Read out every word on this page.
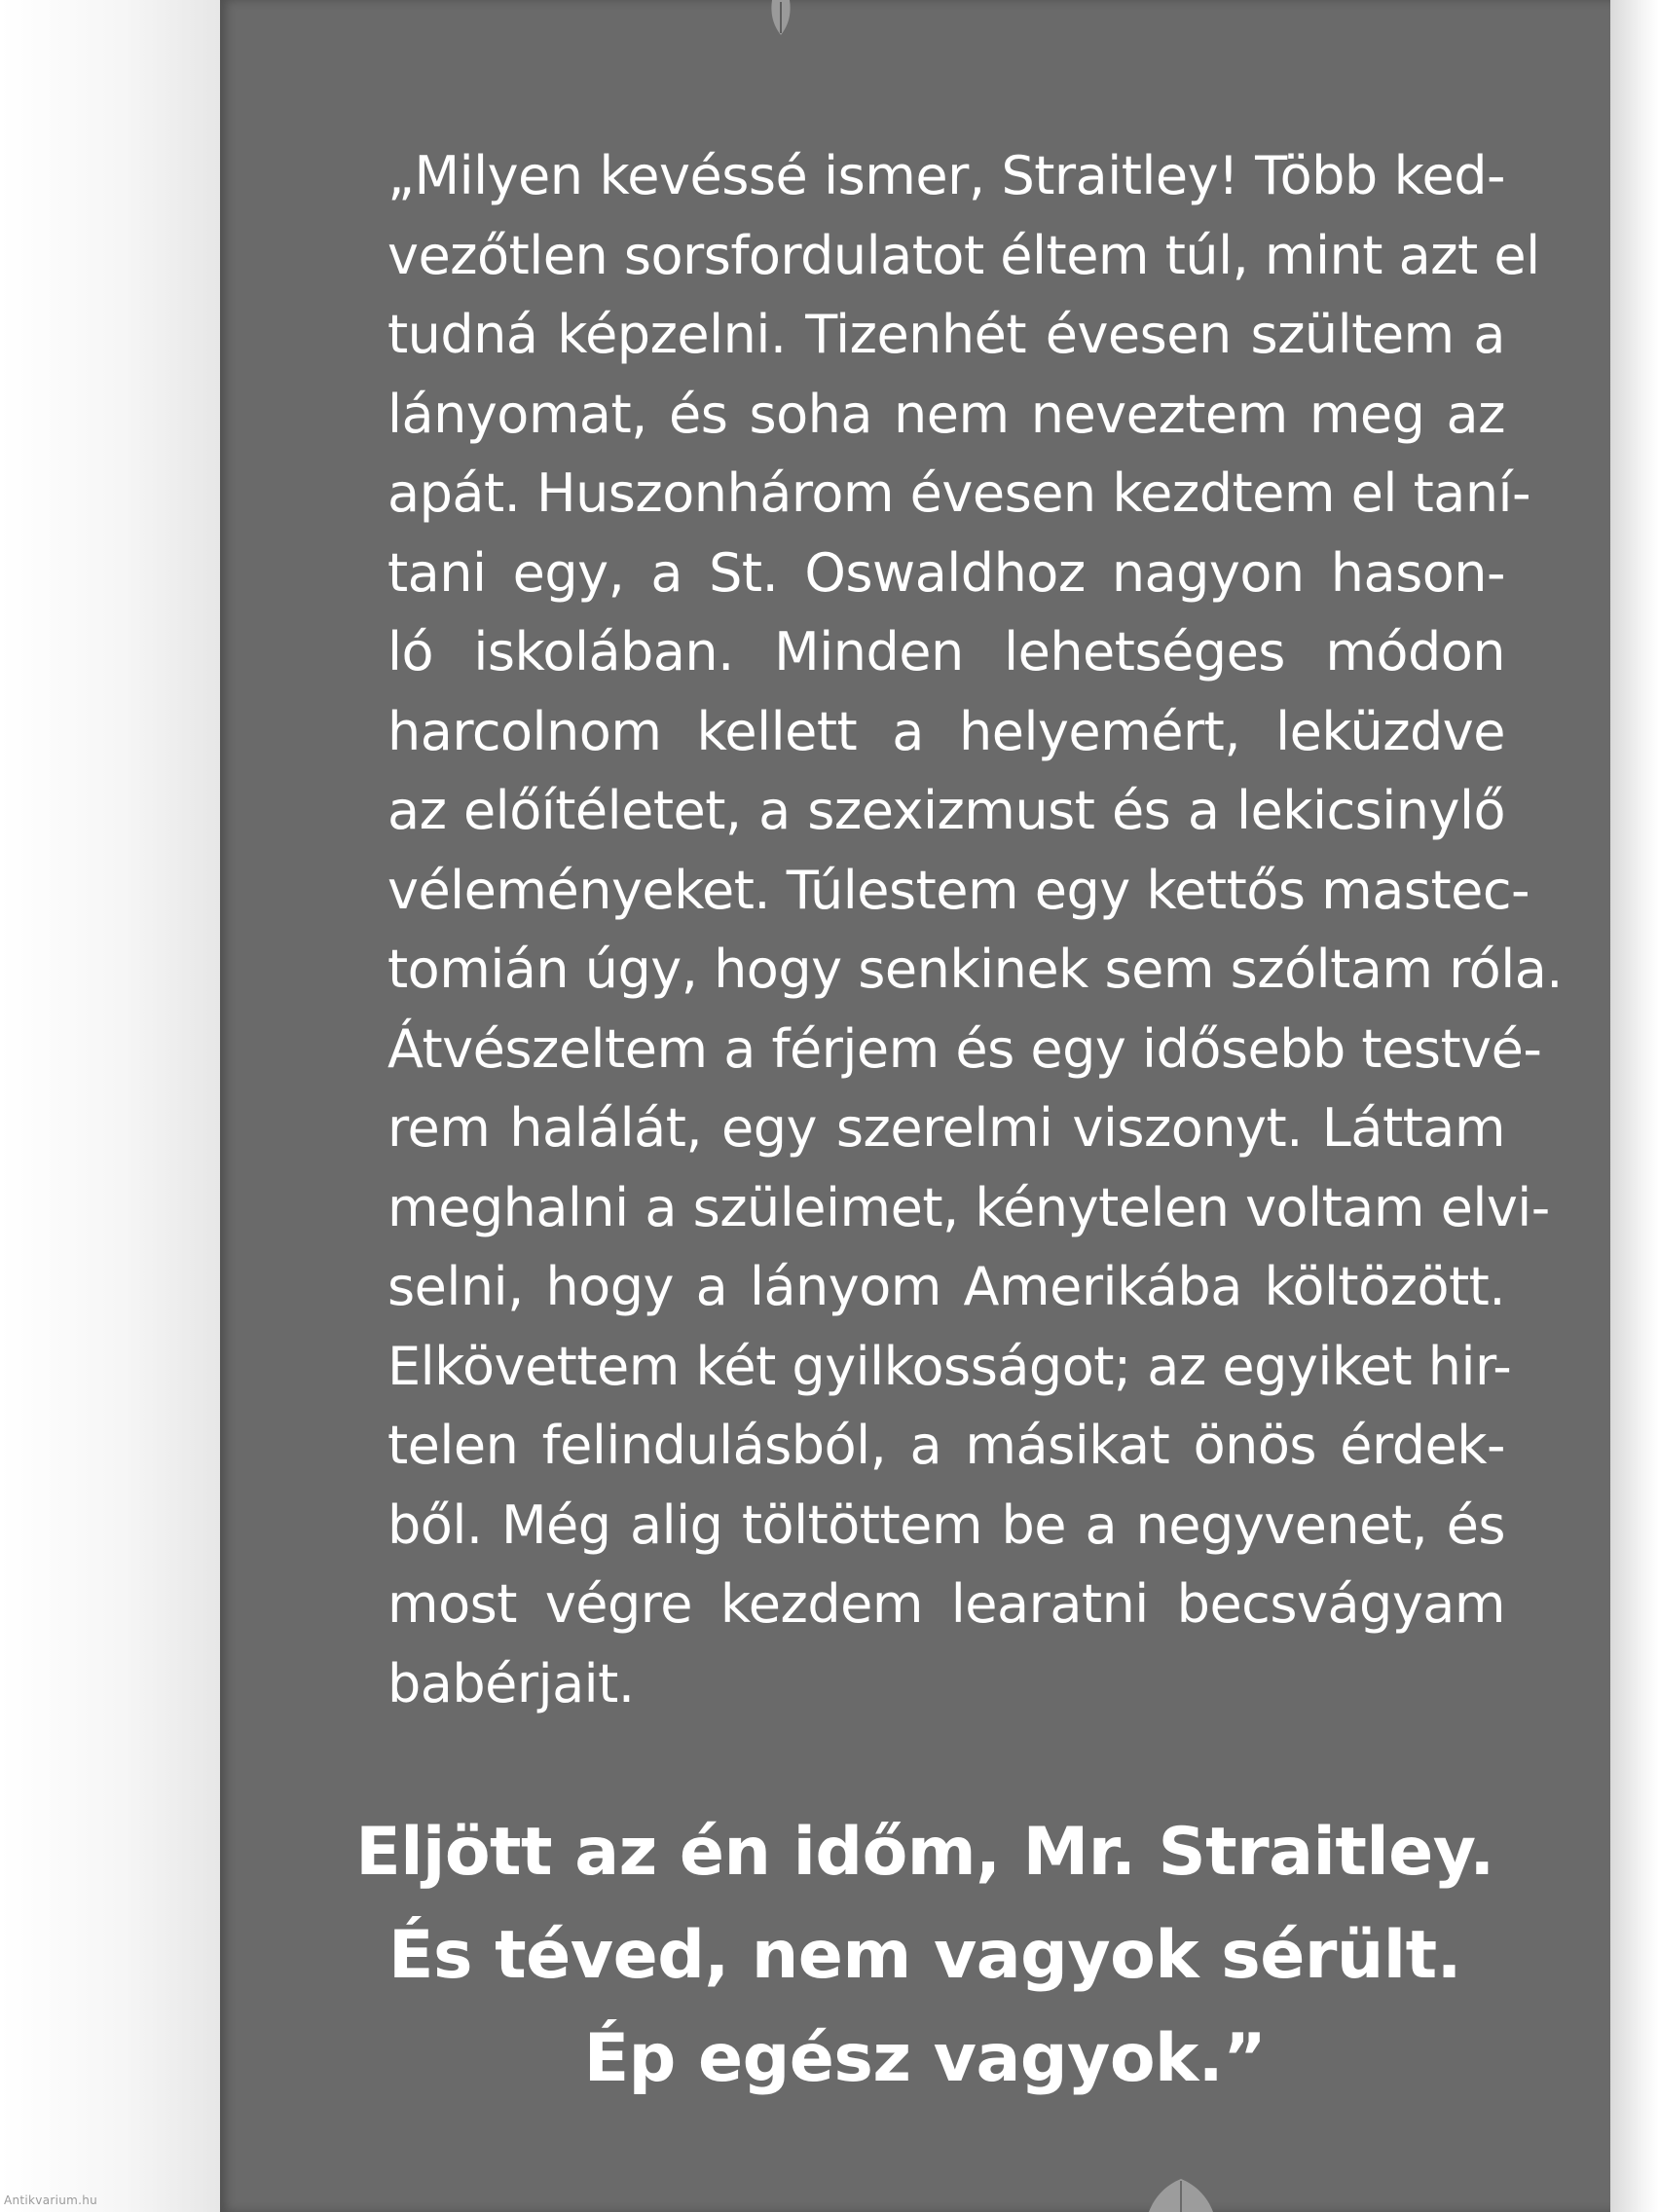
„Milyen kevéssé ismer, Straitley! Több ked-
vezőtlen sorsfordulatot éltem túl, mint azt el
tudná képzelni. Tizenhét évesen szültem a
lányomat, és soha nem neveztem meg az
apát. Huszonhárom évesen kezdtem el taní-
tani egy, a St. Oswaldhoz nagyon hason-
ló iskolában. Minden lehetséges módon
harcolnom kellett a helyemért, leküzdve
az előítéletet, a szexizmust és a lekicsinylő
véleményeket. Túlestem egy kettős mastec-
tomián úgy, hogy senkinek sem szóltam róla.
Átvészeltem a férjem és egy idősebb testvé-
rem halálát, egy szerelmi viszonyt. Láttam
meghalni a szüleimet, kénytelen voltam elvi-
selni, hogy a lányom Amerikába költözött.
Elkövettem két gyilkosságot; az egyiket hir-
telen felindulásból, a másikat önös érdek-
ből. Még alig töltöttem be a negyvenet, és
most végre kezdem learatni becsvágyam
babérjait.
Eljött az én időm, Mr. Straitley.
És téved, nem vagyok sérült.
Ép egész vagyok.”
Antikvarium.hu
